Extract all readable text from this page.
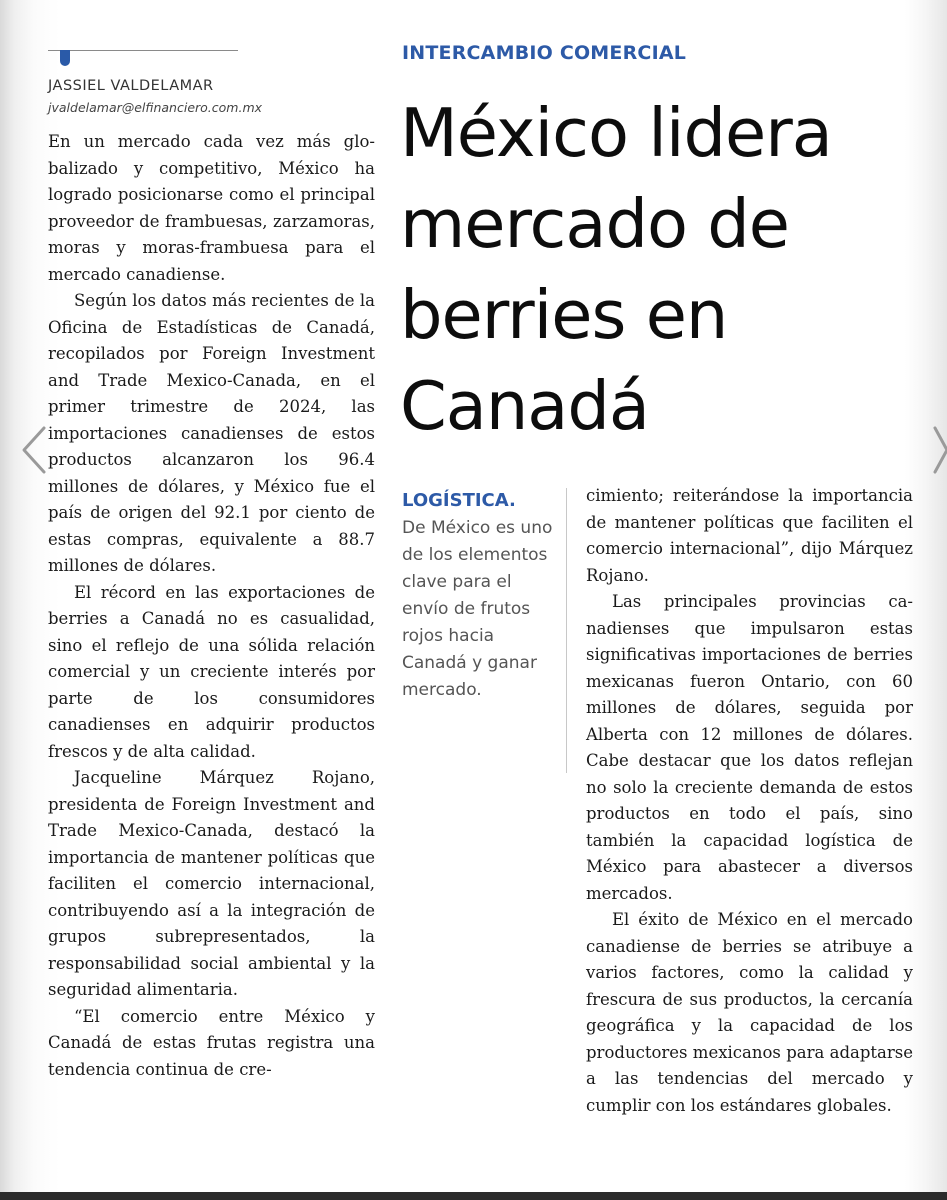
JASSIEL VALDELAMAR
jvaldelamar@elfinanciero.com.mx

En un mercado cada vez más globalizado y competitivo, México ha logrado posicionarse como el principal proveedor de frambuesas, zarzamoras, moras y moras-frambuesa para el mercado canadiense.

Según los datos más recientes de la Oficina de Estadísticas de Canadá, recopilados por Foreign Investment and Trade Mexico-Canada, en el primer trimestre de 2024, las importaciones canadienses de estos productos alcanzaron los 96.4 millones de dólares, y México fue el país de origen del 92.1 por ciento de estas compras, equivalente a 88.7 millones de dólares.

El récord en las exportaciones de berries a Canadá no es casualidad, sino el reflejo de una sólida relación comercial y un creciente interés por parte de los consumidores canadienses en adquirir productos frescos y de alta calidad.

Jacqueline Márquez Rojano, presidenta de Foreign Investment and Trade Mexico-Canada, destacó la importancia de mantener políticas que faciliten el comercio internacional, contribuyendo así a la integración de grupos subrepresentados, la responsabilidad social ambiental y la seguridad alimentaria.

“El comercio entre México y Canadá de estas frutas registra una tendencia continua de cre-

INTERCAMBIO COMERCIAL
México lidera mercado de berries en Canadá
LOGÍSTICA.
De México es uno de los elementos clave para el envío de frutos rojos hacia Canadá y ganar mercado.

cimiento; reiterándose la importancia de mantener políticas que faciliten el comercio internacional”, dijo Márquez Rojano.

Las principales provincias canadienses que impulsaron estas significativas importaciones de berries mexicanas fueron Ontario, con 60 millones de dólares, seguida por Alberta con 12 millones de dólares. Cabe destacar que los datos reflejan no solo la creciente demanda de estos productos en todo el país, sino también la capacidad logística de México para abastecer a diversos mercados.

El éxito de México en el mercado canadiense de berries se atribuye a varios factores, como la calidad y frescura de sus productos, la cercanía geográfica y la capacidad de los productores mexicanos para adaptarse a las tendencias del mercado y cumplir con los estándares globales.
